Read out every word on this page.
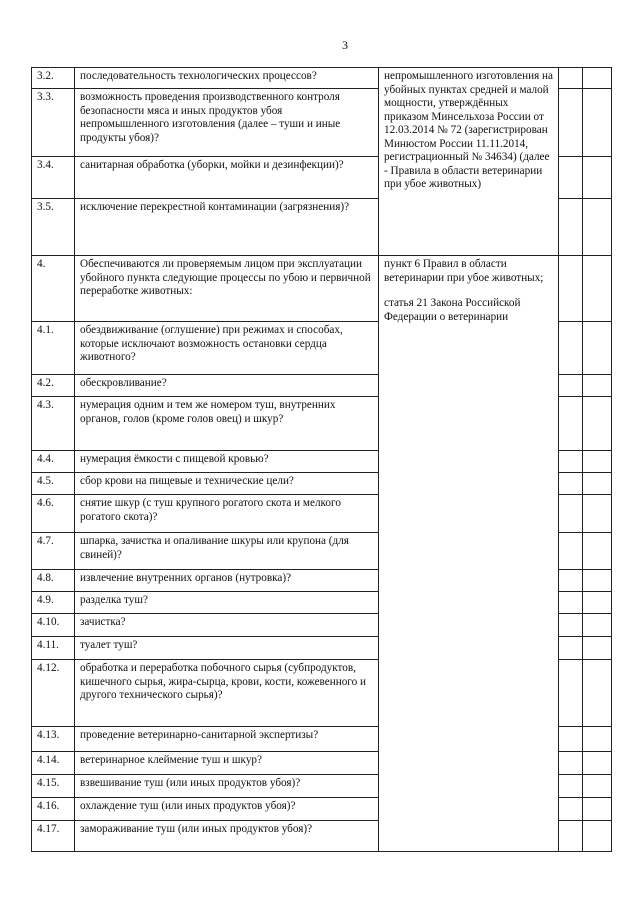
3
3.2.	последовательность технологических процессов?	непромышленного изготовления на убойных пунктах средней и малой мощности, утверждённых приказом Минсельхоза России от 12.03.2014 № 72 (зарегистрирован Минюстом России 11.11.2014, регистрационный № 34634) (далее - Правила в области ветеринарии при убое животных)		

3.3.	возможность проведения производственного контроля безопасности мяса и иных продуктов убоя непромышленного изготовления (далее – туши и иные продукты убоя)?			
3.4.	санитарная обработка (уборки, мойки и дезинфекции)?			
3.5.	исключение перекрестной контаминации (загрязнения)?			
4.	Обеспечиваются ли проверяемым лицом при эксплуатации убойного пункта следующие процессы по убою и первичной переработке животных:	пункт 6 Правил в области ветеринарии при убое животных;

статья 21 Закона Российской Федерации о ветеринарии		

4.1.	обездвиживание (оглушение) при режимах и способах, которые исключают возможность остановки сердца животного?			
4.2.	обескровливание?			
4.3.	нумерация одним и тем же номером туш, внутренних органов, голов (кроме голов овец) и шкур?			
4.4.	нумерация ёмкости с пищевой кровью?			
4.5.	сбор крови на пищевые и технические цели?			
4.6.	снятие шкур (с туш крупного рогатого скота и мелкого рогатого скота)?			
4.7.	шпарка, зачистка и опаливание шкуры или крупона (для свиней)?			
4.8.	извлечение внутренних органов (нутровка)?			
4.9.	разделка туш?			
4.10.	зачистка?			
4.11.	туалет туш?			
4.12.	обработка и переработка побочного сырья (субпродуктов, кишечного сырья, жира-сырца, крови, кости, кожевенного и другого технического сырья)?			
4.13.	проведение ветеринарно-санитарной экспертизы?			
4.14.	ветеринарное клеймение туш и шкур?			
4.15.	взвешивание туш (или иных продуктов убоя)?			
4.16.	охлаждение туш (или иных продуктов убоя)?			
4.17.	замораживание туш (или иных продуктов убоя)?			
